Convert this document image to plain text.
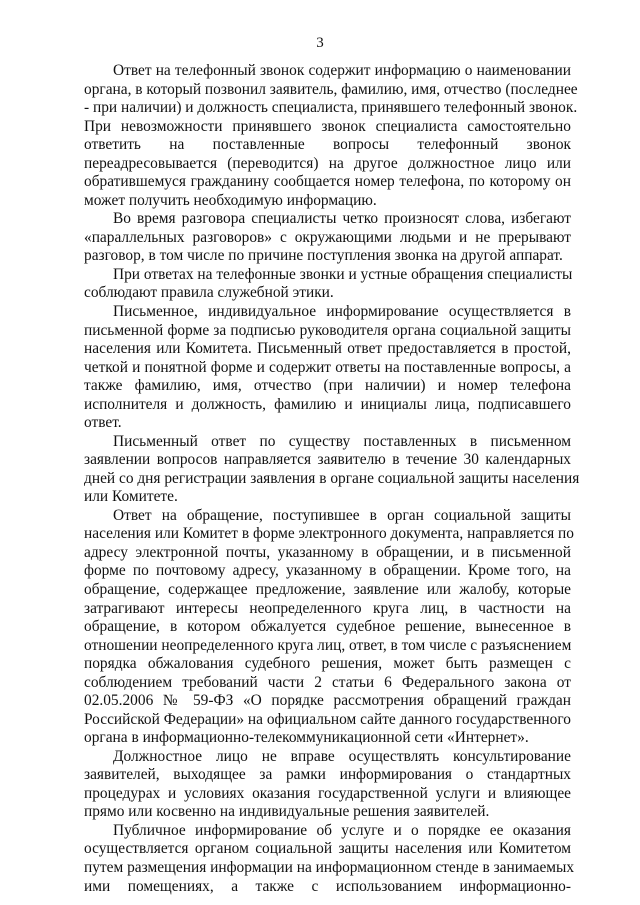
3
Ответ на телефонный звонок содержит информацию о наименовании
органа, в который позвонил заявитель, фамилию, имя, отчество (последнее
- при наличии) и должность специалиста, принявшего телефонный звонок.
При невозможности принявшего звонок специалиста самостоятельно
ответить на поставленные вопросы телефонный звонок
переадресовывается (переводится) на другое должностное лицо или
обратившемуся гражданину сообщается номер телефона, по которому он
может получить необходимую информацию.
Во время разговора специалисты четко произносят слова, избегают
«параллельных разговоров» с окружающими людьми и не прерывают
разговор, в том числе по причине поступления звонка на другой аппарат.
При ответах на телефонные звонки и устные обращения специалисты
соблюдают правила служебной этики.
Письменное, индивидуальное информирование осуществляется в
письменной форме за подписью руководителя органа социальной защиты
населения или Комитета. Письменный ответ предоставляется в простой,
четкой и понятной форме и содержит ответы на поставленные вопросы, а
также фамилию, имя, отчество (при наличии) и номер телефона
исполнителя и должность, фамилию и инициалы лица, подписавшего
ответ.
Письменный ответ по существу поставленных в письменном
заявлении вопросов направляется заявителю в течение 30 календарных
дней со дня регистрации заявления в органе социальной защиты населения
или Комитете.
Ответ на обращение, поступившее в орган социальной защиты
населения или Комитет в форме электронного документа, направляется по
адресу электронной почты, указанному в обращении, и в письменной
форме по почтовому адресу, указанному в обращении. Кроме того, на
обращение, содержащее предложение, заявление или жалобу, которые
затрагивают интересы неопределенного круга лиц, в частности на
обращение, в котором обжалуется судебное решение, вынесенное в
отношении неопределенного круга лиц, ответ, в том числе с разъяснением
порядка обжалования судебного решения, может быть размещен с
соблюдением требований части 2 статьи 6 Федерального закона от
02.05.2006 № 59-ФЗ «О порядке рассмотрения обращений граждан
Российской Федерации» на официальном сайте данного государственного
органа в информационно-телекоммуникационной сети «Интернет».
Должностное лицо не вправе осуществлять консультирование
заявителей, выходящее за рамки информирования о стандартных
процедурах и условиях оказания государственной услуги и влияющее
прямо или косвенно на индивидуальные решения заявителей.
Публичное информирование об услуге и о порядке ее оказания
осуществляется органом социальной защиты населения или Комитетом
путем размещения информации на информационном стенде в занимаемых
ими помещениях, а также с использованием информационно-
